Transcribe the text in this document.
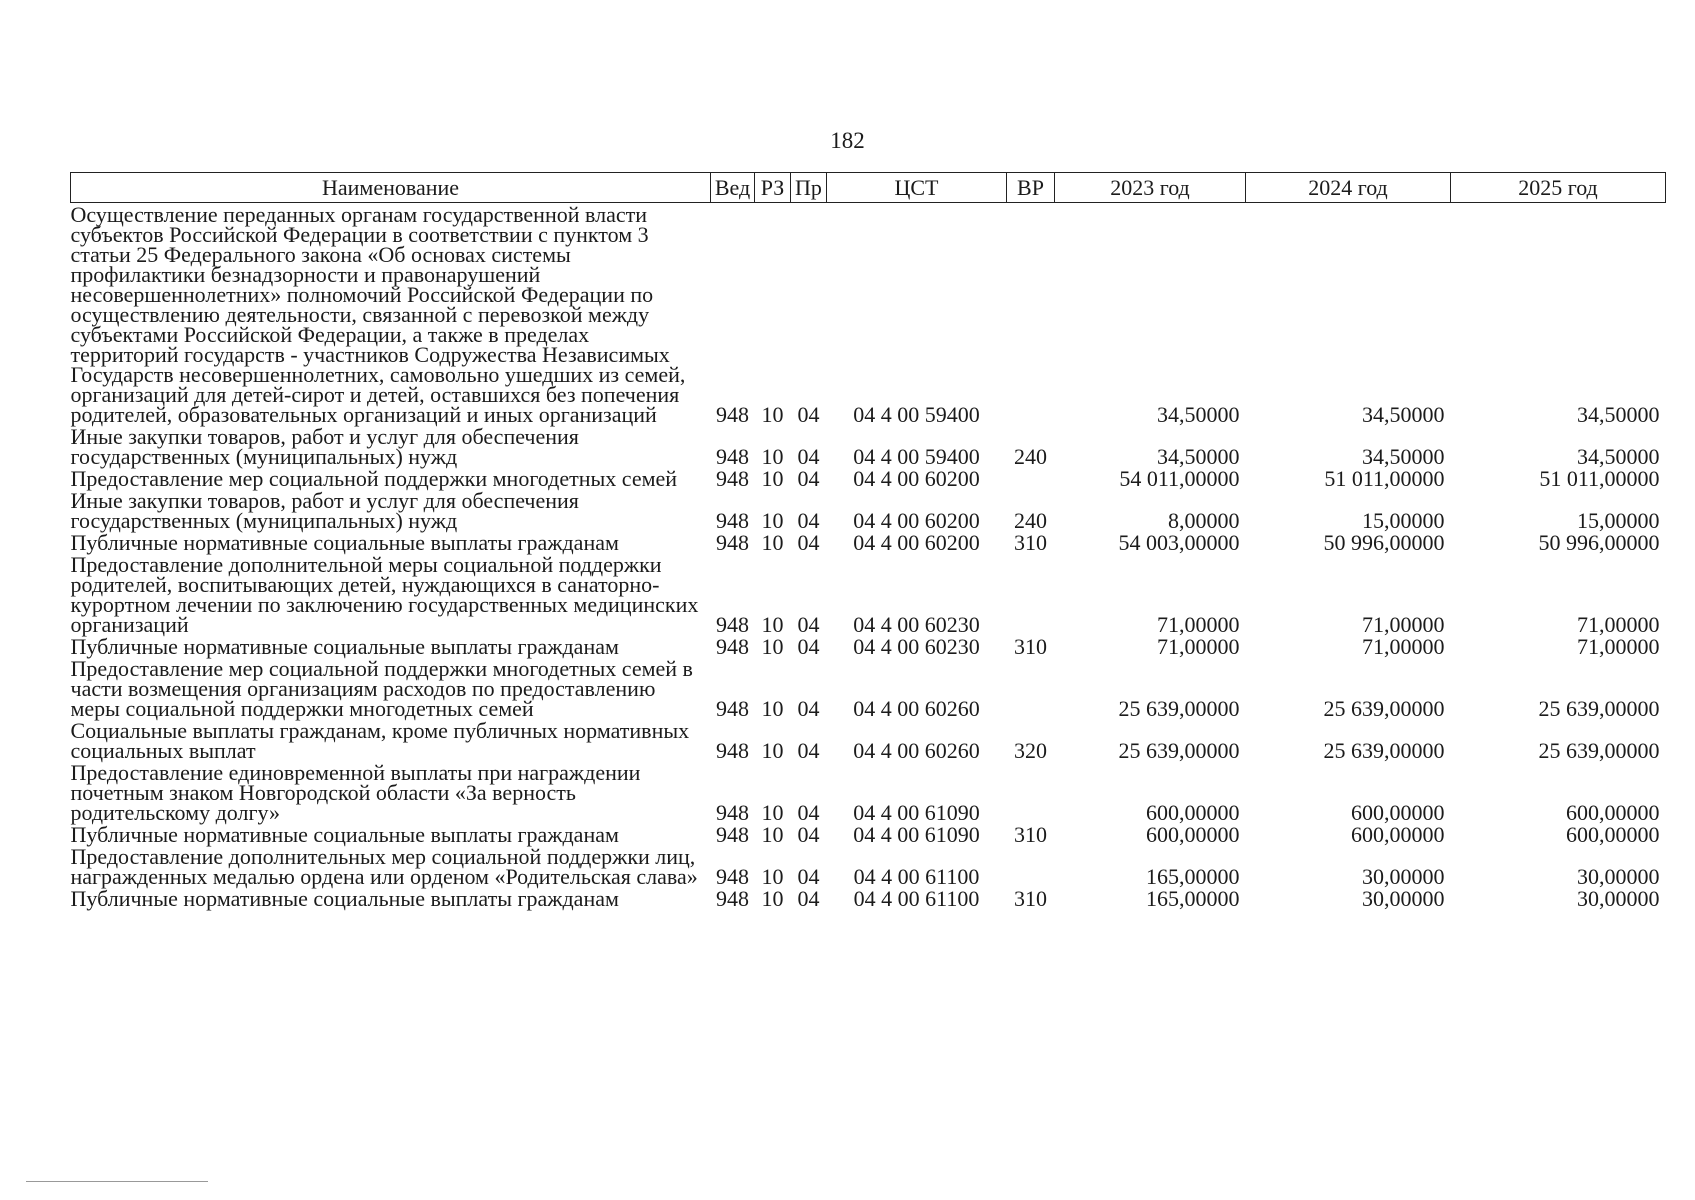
182
Наименование	Вед	РЗ	Пр	ЦСТ	ВР	2023 год	2024 год	2025 год
Осуществление переданных органам государственной власти субъектов Российской Федерации в соответствии с пунктом 3 статьи 25 Федерального закона «Об основах системы профилактики безнадзорности и правонарушений несовершеннолетних» полномочий Российской Федерации по осуществлению деятельности, связанной с перевозкой между субъектами Российской Федерации, а также в пределах территорий государств - участников Содружества Независимых Государств несовершеннолетних, самовольно ушедших из семей, организаций для детей-сирот и детей, оставшихся без попечения родителей, образовательных организаций и иных организаций	948	10	04	04 4 00 59400		34,50000	34,50000	34,50000
Иные закупки товаров, работ и услуг для обеспечения государственных (муниципальных) нужд	948	10	04	04 4 00 59400	240	34,50000	34,50000	34,50000
Предоставление мер социальной поддержки многодетных семей	948	10	04	04 4 00 60200		54 011,00000	51 011,00000	51 011,00000
Иные закупки товаров, работ и услуг для обеспечения государственных (муниципальных) нужд	948	10	04	04 4 00 60200	240	8,00000	15,00000	15,00000
Публичные нормативные социальные выплаты гражданам	948	10	04	04 4 00 60200	310	54 003,00000	50 996,00000	50 996,00000
Предоставление дополнительной меры социальной поддержки родителей, воспитывающих детей, нуждающихся в санаторно-курортном лечении по заключению государственных медицинских организаций	948	10	04	04 4 00 60230		71,00000	71,00000	71,00000
Публичные нормативные социальные выплаты гражданам	948	10	04	04 4 00 60230	310	71,00000	71,00000	71,00000
Предоставление мер социальной поддержки многодетных семей в части возмещения организациям расходов по предоставлению меры социальной поддержки многодетных семей	948	10	04	04 4 00 60260		25 639,00000	25 639,00000	25 639,00000
Социальные выплаты гражданам, кроме публичных нормативных социальных выплат	948	10	04	04 4 00 60260	320	25 639,00000	25 639,00000	25 639,00000
Предоставление единовременной выплаты при награждении почетным знаком Новгородской области «За верность родительскому долгу»	948	10	04	04 4 00 61090		600,00000	600,00000	600,00000
Публичные нормативные социальные выплаты гражданам	948	10	04	04 4 00 61090	310	600,00000	600,00000	600,00000
Предоставление дополнительных мер социальной поддержки лиц, награжденных медалью ордена или орденом «Родительская слава»	948	10	04	04 4 00 61100		165,00000	30,00000	30,00000
Публичные нормативные социальные выплаты гражданам	948	10	04	04 4 00 61100	310	165,00000	30,00000	30,00000
